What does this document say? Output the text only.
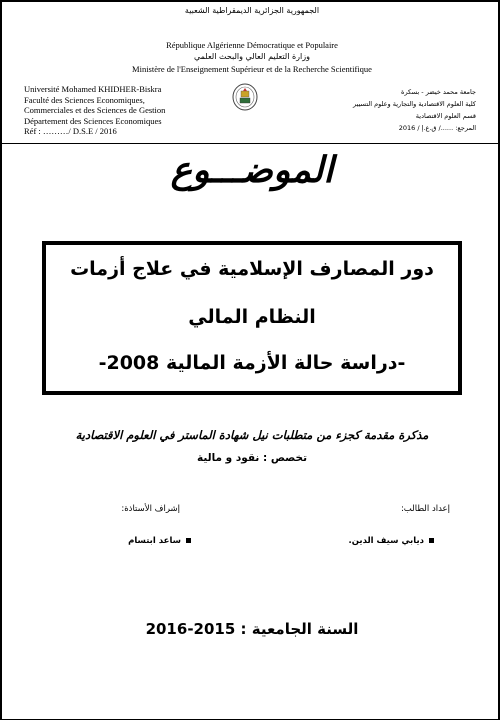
الجمهورية الجزائرية الديمقراطية الشعبية
République Algérienne Démocratique et Populaire
وزارة التعليم العالي والبحث العلمي
Ministère de l'Enseignement Supérieur et de la Recherche Scientifique
Université Mohamed KHIDHER-Biskra
Faculté des Sciences Economiques,
Commerciales et des Sciences de Gestion
Département des Sciences Economiques
Réf : ………/ D.S.E / 2016
جامعة محمد خيضر - بسكرة
كلية العلوم الاقتصادية والتجارية وعلوم التسيير
قسم العلوم الاقتصادية
المرجع: ....../ ق.ع.إ / 2016
الموضـــوع
دور المصارف الإسلامية في علاج أزمات
النظام المالي
-دراسة حالة الأزمة المالية 2008-
مذكرة مقدمة كجزء من متطلبات نيل شهادة الماستر في العلوم الاقتصادية
تخصص : نقود و مالية
إعداد الطالب:
إشراف الأستاذة:
ديابي سيف الدين.
ساعد ابتسام
السنة الجامعية : 2015-2016
